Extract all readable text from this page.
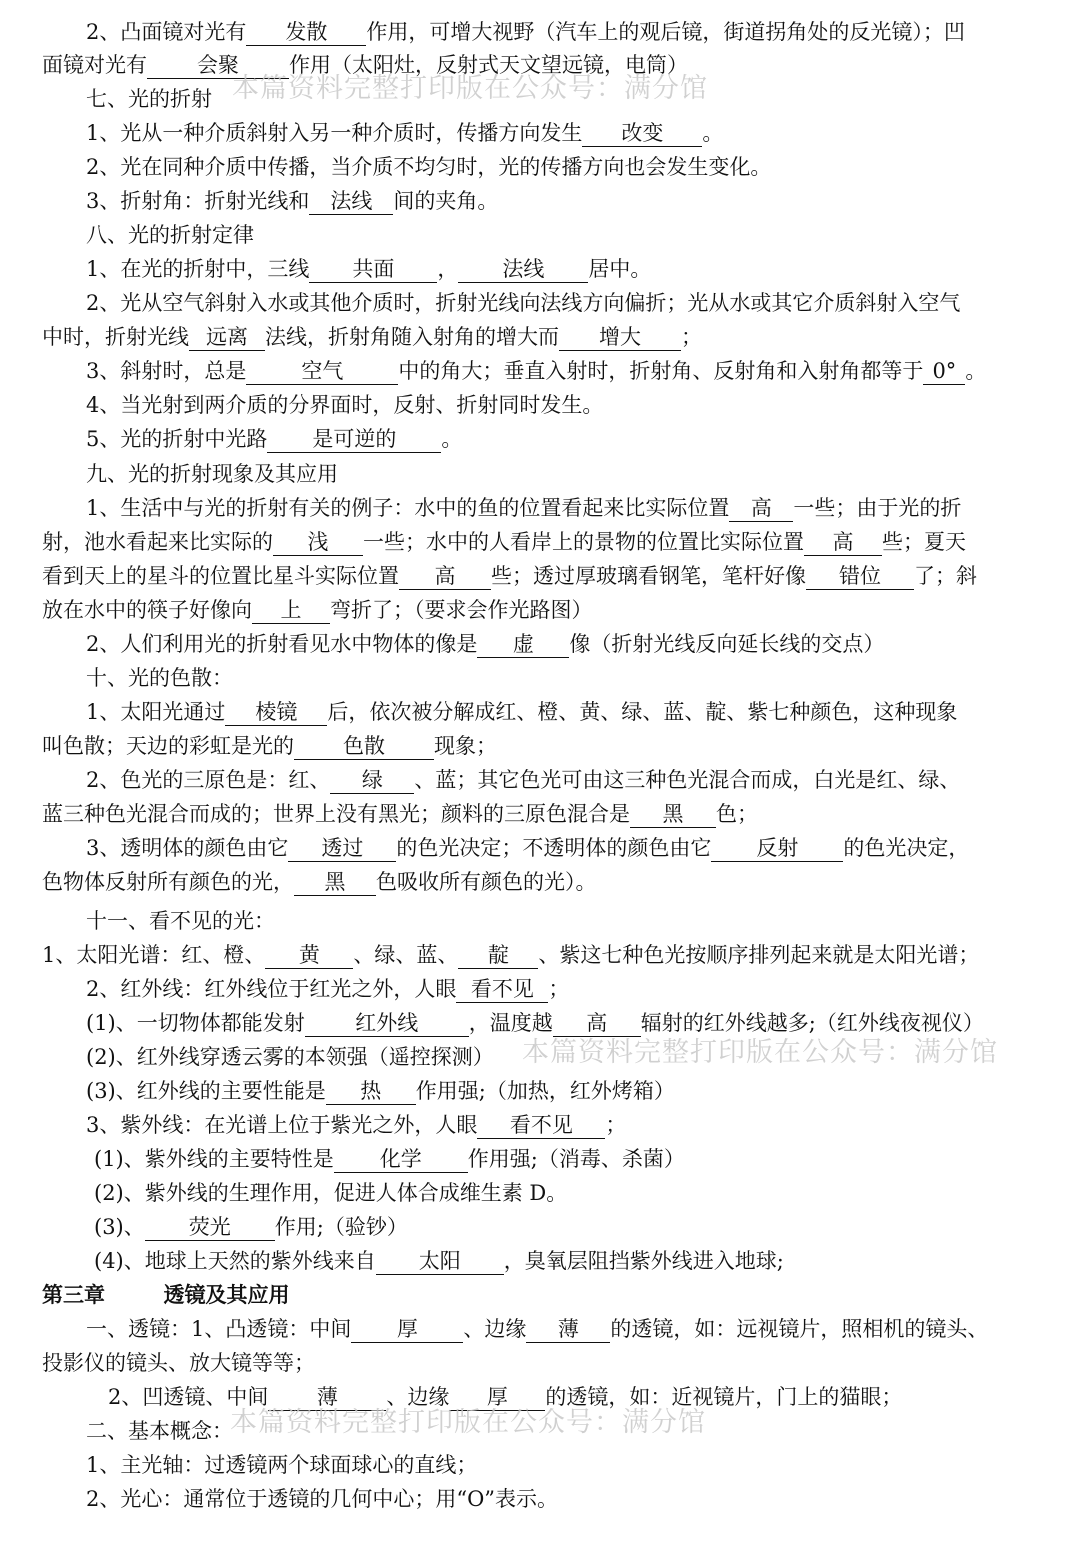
2、凸面镜对光有 发散 作用，可增大视野（汽车上的观后镜，街道拐角处的反光镜）；凹
面镜对光有 会聚 作用（太阳灶，反射式天文望远镜，电筒）
七、光的折射
1、光从一种介质斜射入另一种介质时，传播方向发生 改变 。
2、光在同种介质中传播，当介质不均匀时，光的传播方向也会发生变化。
3、折射角：折射光线和 法线 间的夹角。
八、光的折射定律
1、在光的折射中，三线 共面 ， 法线 居中。
2、光从空气斜射入水或其他介质时，折射光线向法线方向偏折；光从水或其它介质斜射入空气
中时，折射光线 远离 法线，折射角随入射角的增大而 增大 ；
3、斜射时，总是	空气	中的角大；垂直入射时，折射角、反射角和入射角都等于 0° 。
4、当光射到两介质的分界面时，反射、折射同时发生。
5、光的折射中光路 是可逆的 。
九、光的折射现象及其应用
1、生活中与光的折射有关的例子：水中的鱼的位置看起来比实际位置 高 一些；由于光的折
射，池水看起来比实际的 浅 一些；水中的人看岸上的景物的位置比实际位置 高 些；夏天
看到天上的星斗的位置比星斗实际位置 高 些；透过厚玻璃看钢笔，笔杆好像 错位 了；斜
放在水中的筷子好像向 上 弯折了；（要求会作光路图）
2、人们利用光的折射看见水中物体的像是 虚 像（折射光线反向延长线的交点）
十、光的色散：
1、太阳光通过 棱镜 后，依次被分解成红、橙、黄、绿、蓝、靛、紫七种颜色，这种现象
叫色散；天边的彩虹是光的 色散 现象；
2、色光的三原色是：红、 绿 、蓝；其它色光可由这三种色光混合而成，白光是红、绿、
蓝三种色光混合而成的；世界上没有黑光；颜料的三原色混合是 黑 色；
3、透明体的颜色由它 透过 的色光决定；不透明体的颜色由它 反射 的色光决定，
色物体反射所有颜色的光， 黑 色吸收所有颜色的光）。
十一、看不见的光：
1、太阳光谱：红、橙、 黄 、绿、蓝、 靛 、紫这七种色光按顺序排列起来就是太阳光谱；
2、红外线：红外线位于红光之外，人眼 看不见 ；
(1)、一切物体都能发射 红外线 ，温度越 高 辐射的红外线越多;（红外线夜视仪）
(2)、红外线穿透云雾的本领强（遥控探测）
(3)、红外线的主要性能是 热 作用强;（加热，红外烤箱）
3、紫外线：在光谱上位于紫光之外，人眼 看不见 ；
(1)、紫外线的主要特性是 化学 作用强;（消毒、杀菌）
(2)、紫外线的生理作用，促进人体合成维生素 D。
(3)、 荧光 作用;（验钞）
(4)、地球上天然的紫外线来自 太阳 ，臭氧层阻挡紫外线进入地球;
第三章        透镜及其应用
一、透镜：1、凸透镜：中间 厚 、边缘 薄 的透镜，如：远视镜片，照相机的镜头、
投影仪的镜头、放大镜等等；
2、凹透镜、中间 薄 、边缘 厚 的透镜，如：近视镜片，门上的猫眼；
二、基本概念：
1、主光轴：过透镜两个球面球心的直线；
2、光心：通常位于透镜的几何中心；用“O”表示。
本篇资料完整打印版在公众号：满分馆
本篇资料完整打印版在公众号：满分馆
本篇资料完整打印版在公众号：满分馆
